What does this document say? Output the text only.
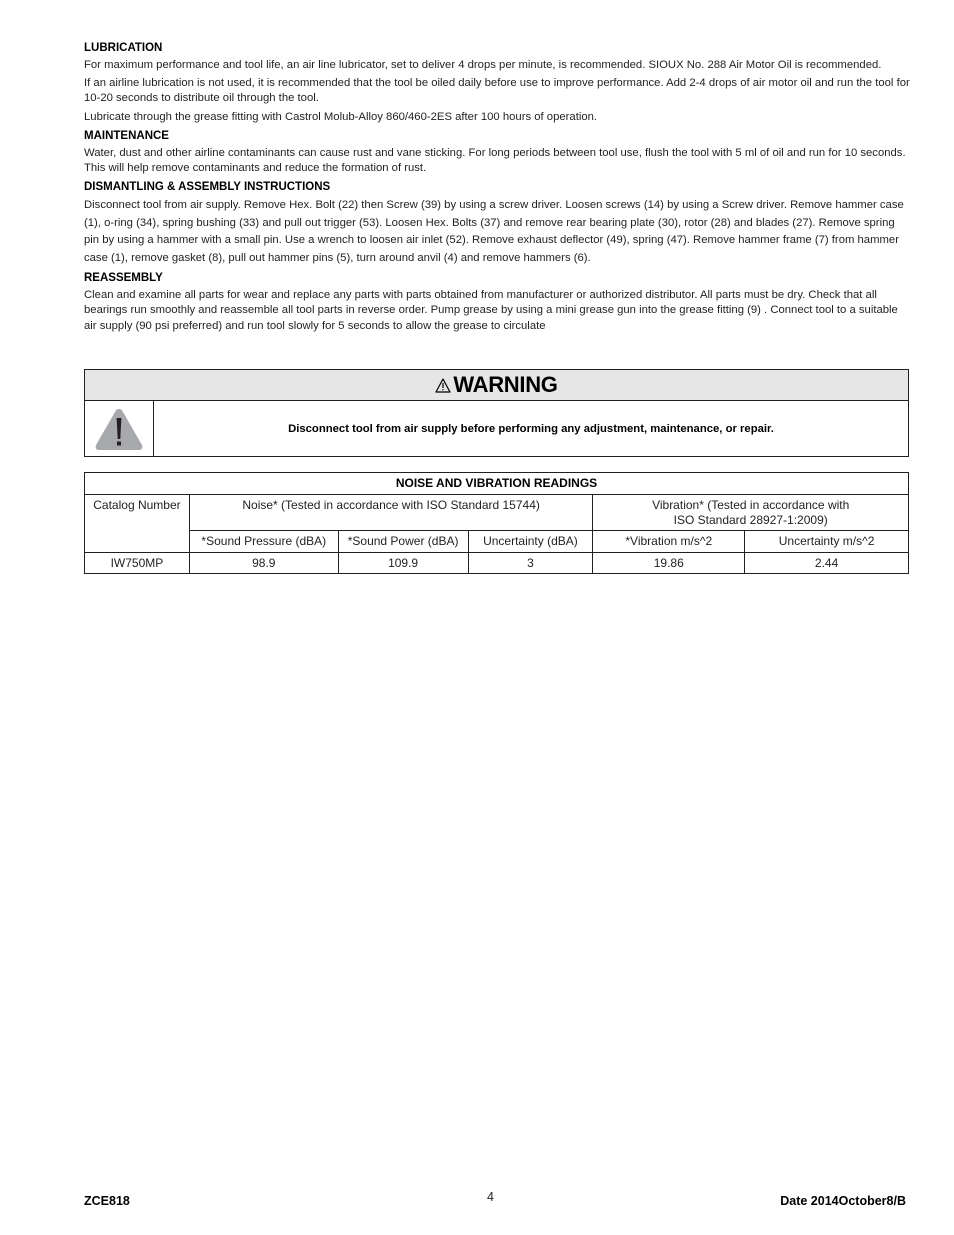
LUBRICATION

For maximum performance and tool life, an air line lubricator, set to deliver 4 drops per minute, is recommended. SIOUX No. 288 Air Motor Oil is recommended.

If an airline lubrication is not used, it is recommended that the tool be oiled daily before use to improve performance. Add 2-4 drops of air motor oil and run the tool for 10-20 seconds to distribute oil through the tool.

Lubricate through the grease fitting with Castrol Molub-Alloy 860/460-2ES after 100 hours of operation.

MAINTENANCE

Water, dust and other airline contaminants can cause rust and vane sticking. For long periods between tool use, flush the tool with 5 ml of oil and run for 10 seconds. This will help remove contaminants and reduce the formation of rust.

DISMANTLING & ASSEMBLY INSTRUCTIONS

Disconnect tool from air supply. Remove Hex. Bolt (22) then Screw (39) by using a screw driver. Loosen screws (14) by using a Screw driver. Remove hammer case (1), o-ring (34), spring bushing (33) and pull out trigger (53). Loosen Hex. Bolts (37) and remove rear bearing plate (30), rotor (28) and blades (27). Remove spring pin by using a hammer with a small pin. Use a wrench to loosen air inlet (52). Remove exhaust deflector (49), spring (47). Remove hammer frame (7) from hammer case (1), remove gasket (8), pull out hammer pins (5), turn around anvil (4) and remove hammers (6).

REASSEMBLY

Clean and examine all parts for wear and replace any parts with parts obtained from manufacturer or authorized distributor. All parts must be dry. Check that all bearings run smoothly and reassemble all tool parts in reverse order. Pump grease by using a mini grease gun into the grease fitting (9) . Connect tool to a suitable air supply (90 psi preferred) and run tool slowly for 5 seconds to allow the grease to circulate

WARNING
Disconnect tool from air supply before performing any adjustment, maintenance, or repair.
NOISE AND VIBRATION READINGS					
Catalog Number	Noise* (Tested in accordance with ISO Standard 15744)			Vibration* (Tested in accordance with
ISO Standard 28927-1:2009)	

	*Sound Pressure (dBA)	*Sound Power (dBA)	Uncertainty (dBA)	*Vibration m/s^2	Uncertainty m/s^2
IW750MP	98.9	109.9	3	19.86	2.44
ZCE818	4	Date 2014October8/B
